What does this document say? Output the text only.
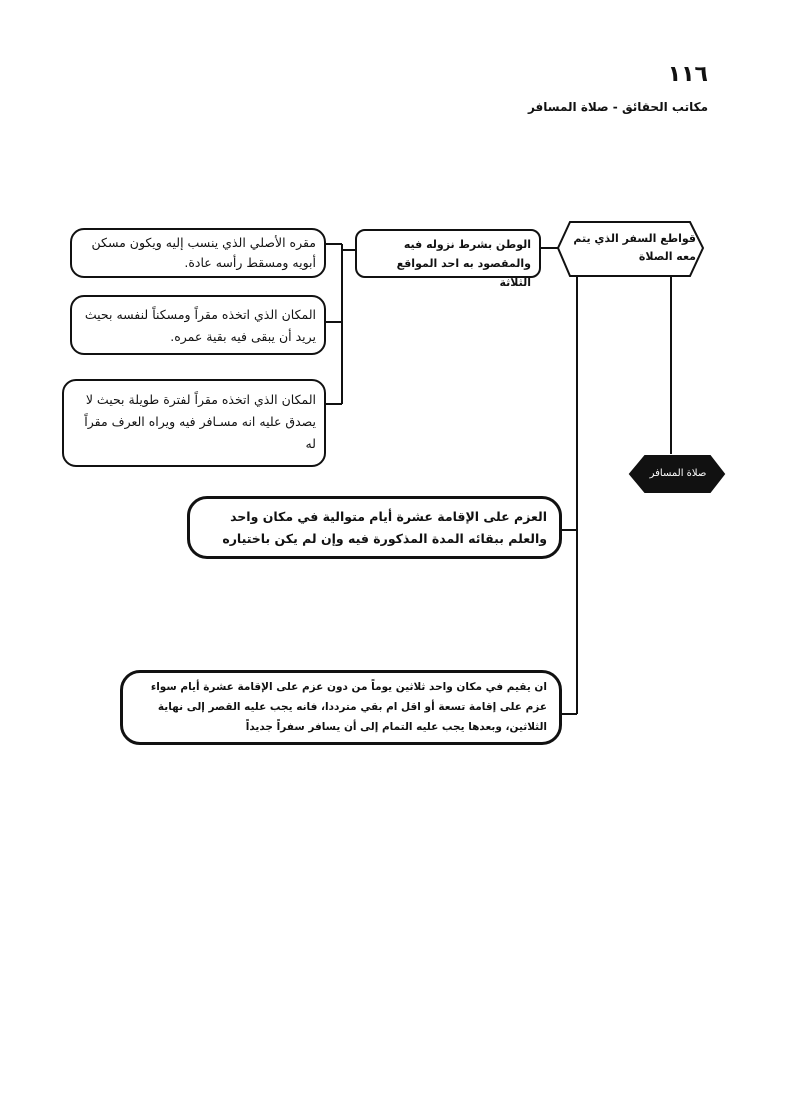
١١٦
مكاتب الحقائق - صلاة المسافر
قواطع السفر الذي يتم معه الصلاة
صلاة المسافر
الوطن بشرط نزوله فيه والمقصود به احد المواقع الثلاثة
مقره الأصلي الذي ينسب إليه ويكون مسكن أبويه ومسقط رأسه عادة.
المكان الذي اتخذه مقراً ومسكناً لنفسه بحيث يريد أن يبقى فيه بقية عمره.
المكان الذي اتخذه مقراً لفترة طويلة بحيث لا يصدق عليه انه مسـافر فيه ويراه العرف مقراً له
العزم على الإقامة عشرة أيام متوالية في مكان واحد والعلم ببقائه المدة المذكورة فيه وإن لم يكن باختياره
ان يقيم في مكان واحد ثلاثين يوماً من دون عزم على الإقامة عشرة أيام سواء عزم على إقامة تسعة أو اقل ام بقي مترددا، فانه يجب عليه القصر إلى نهاية الثلاثين، وبعدها يجب عليه التمام إلى أن يسافر سفراً جديداً
